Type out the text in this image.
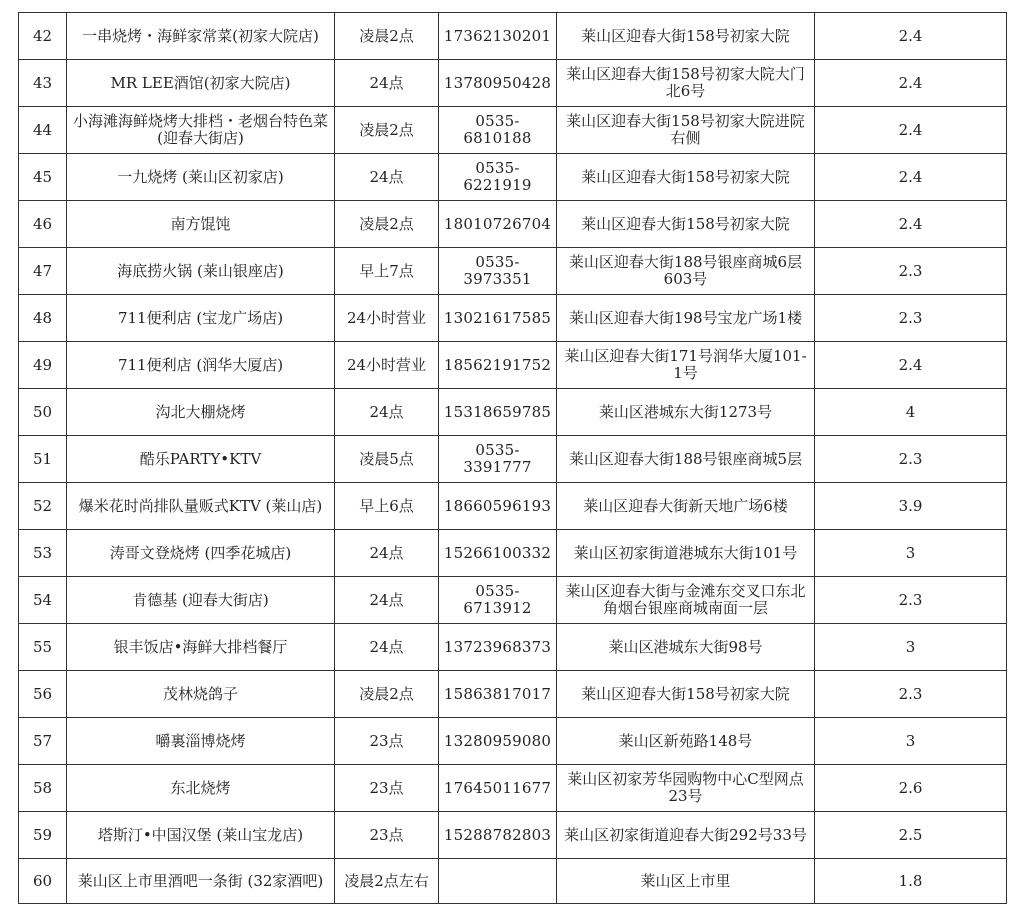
42	一串烧烤・海鲜家常菜(初家大院店)	凌晨2点	17362130201	莱山区迎春大街158号初家大院	2.4
43	MR LEE酒馆(初家大院店)	24点	13780950428	莱山区迎春大街158号初家大院大门北6号	2.4
44	小海滩海鲜烧烤大排档・老烟台特色菜(迎春大街店)	凌晨2点	0535-6810188	莱山区迎春大街158号初家大院进院右侧	2.4
45	一九烧烤 (莱山区初家店)	24点	0535-6221919	莱山区迎春大街158号初家大院	2.4
46	南方馄饨	凌晨2点	18010726704	莱山区迎春大街158号初家大院	2.4
47	海底捞火锅 (莱山银座店)	早上7点	0535-3973351	莱山区迎春大街188号银座商城6层603号	2.3
48	711便利店 (宝龙广场店)	24小时营业	13021617585	莱山区迎春大街198号宝龙广场1楼	2.3
49	711便利店 (润华大厦店)	24小时营业	18562191752	莱山区迎春大街171号润华大厦101-1号	2.4
50	沟北大棚烧烤	24点	15318659785	莱山区港城东大街1273号	4
51	酷乐PARTY•KTV	凌晨5点	0535-3391777	莱山区迎春大街188号银座商城5层	2.3
52	爆米花时尚排队量贩式KTV (莱山店)	早上6点	18660596193	莱山区迎春大街新天地广场6楼	3.9
53	涛哥文登烧烤 (四季花城店)	24点	15266100332	莱山区初家街道港城东大街101号	3
54	肯德基 (迎春大街店)	24点	0535-6713912	莱山区迎春大街与金滩东交叉口东北角烟台银座商城南面一层	2.3
55	银丰饭店•海鲜大排档餐厅	24点	13723968373	莱山区港城东大街98号	3
56	茂林烧鸽子	凌晨2点	15863817017	莱山区迎春大街158号初家大院	2.3
57	嚼裏淄博烧烤	23点	13280959080	莱山区新苑路148号	3
58	东北烧烤	23点	17645011677	莱山区初家芳华园购物中心C型网点23号	2.6
59	塔斯汀•中国汉堡 (莱山宝龙店)	23点	15288782803	莱山区初家街道迎春大街292号33号	2.5
60	莱山区上市里酒吧一条街 (32家酒吧)	凌晨2点左右		莱山区上市里	1.8
